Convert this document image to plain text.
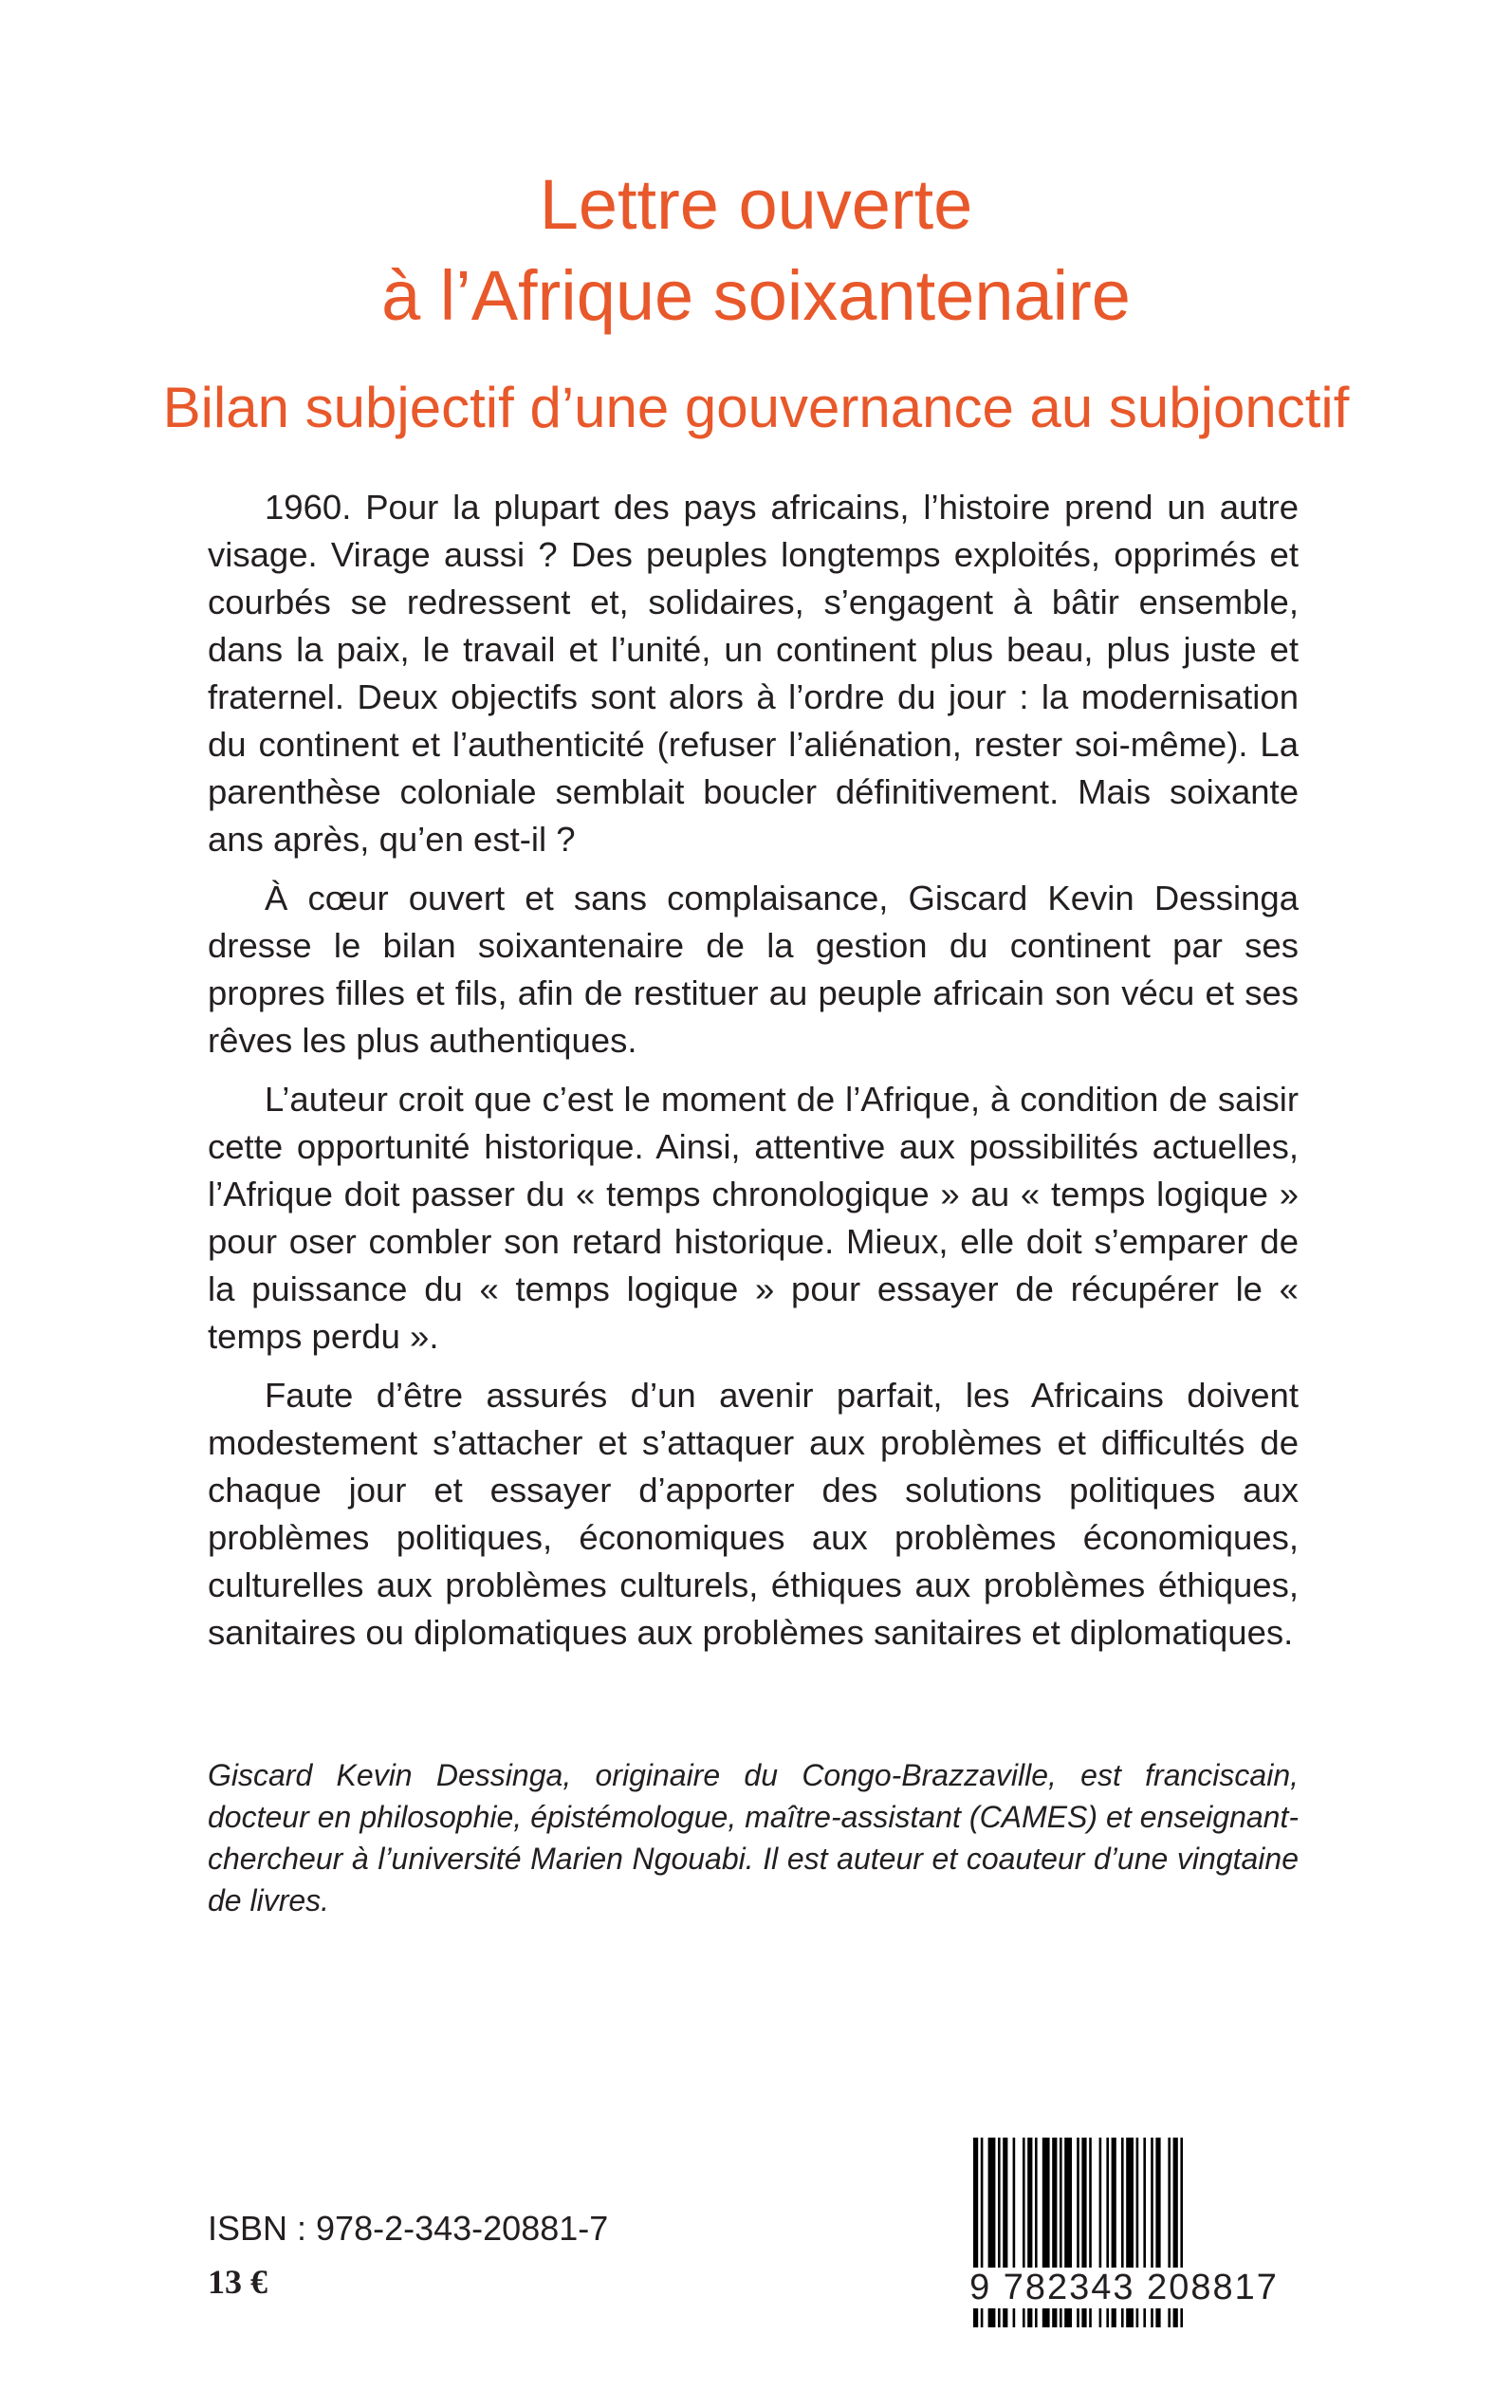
Lettre ouverte
à l’Afrique soixantenaire
Bilan subjectif d’une gouvernance au subjonctif

1960. Pour la plupart des pays africains, l’histoire prend un autre visage. Virage aussi ? Des peuples longtemps exploités, opprimés et courbés se redressent et, solidaires, s’engagent à bâtir ensemble, dans la paix, le travail et l’unité, un continent plus beau, plus juste et fraternel. Deux objectifs sont alors à l’ordre du jour : la modernisation du continent et l’authenticité (refuser l’aliénation, rester soi-même). La parenthèse coloniale semblait boucler définitivement. Mais soixante ans après, qu’en est-il ?

À cœur ouvert et sans complaisance, Giscard Kevin Dessinga dresse le bilan soixantenaire de la gestion du continent par ses propres filles et fils, afin de restituer au peuple africain son vécu et ses rêves les plus authentiques.

L’auteur croit que c’est le moment de l’Afrique, à condition de saisir cette opportunité historique. Ainsi, attentive aux possibilités actuelles, l’Afrique doit passer du « temps chronologique » au « temps logique » pour oser combler son retard historique. Mieux, elle doit s’emparer de la puissance du « temps logique » pour essayer de récupérer le « temps perdu ».

Faute d’être assurés d’un avenir parfait, les Africains doivent modestement s’attacher et s’attaquer aux problèmes et difficultés de chaque jour et essayer d’apporter des solutions politiques aux problèmes politiques, économiques aux problèmes économiques, culturelles aux problèmes culturels, éthiques aux problèmes éthiques, sanitaires ou diplomatiques aux problèmes sanitaires et diplomatiques.

Giscard Kevin Dessinga, originaire du Congo-Brazzaville, est franciscain, docteur en philosophie, épistémologue, maître-assistant (CAMES) et enseignant-chercheur à l’université Marien Ngouabi. Il est auteur et coauteur d’une vingtaine de livres.
ISBN : 978-2-343-20881-7
13 €	9 782343 208817
